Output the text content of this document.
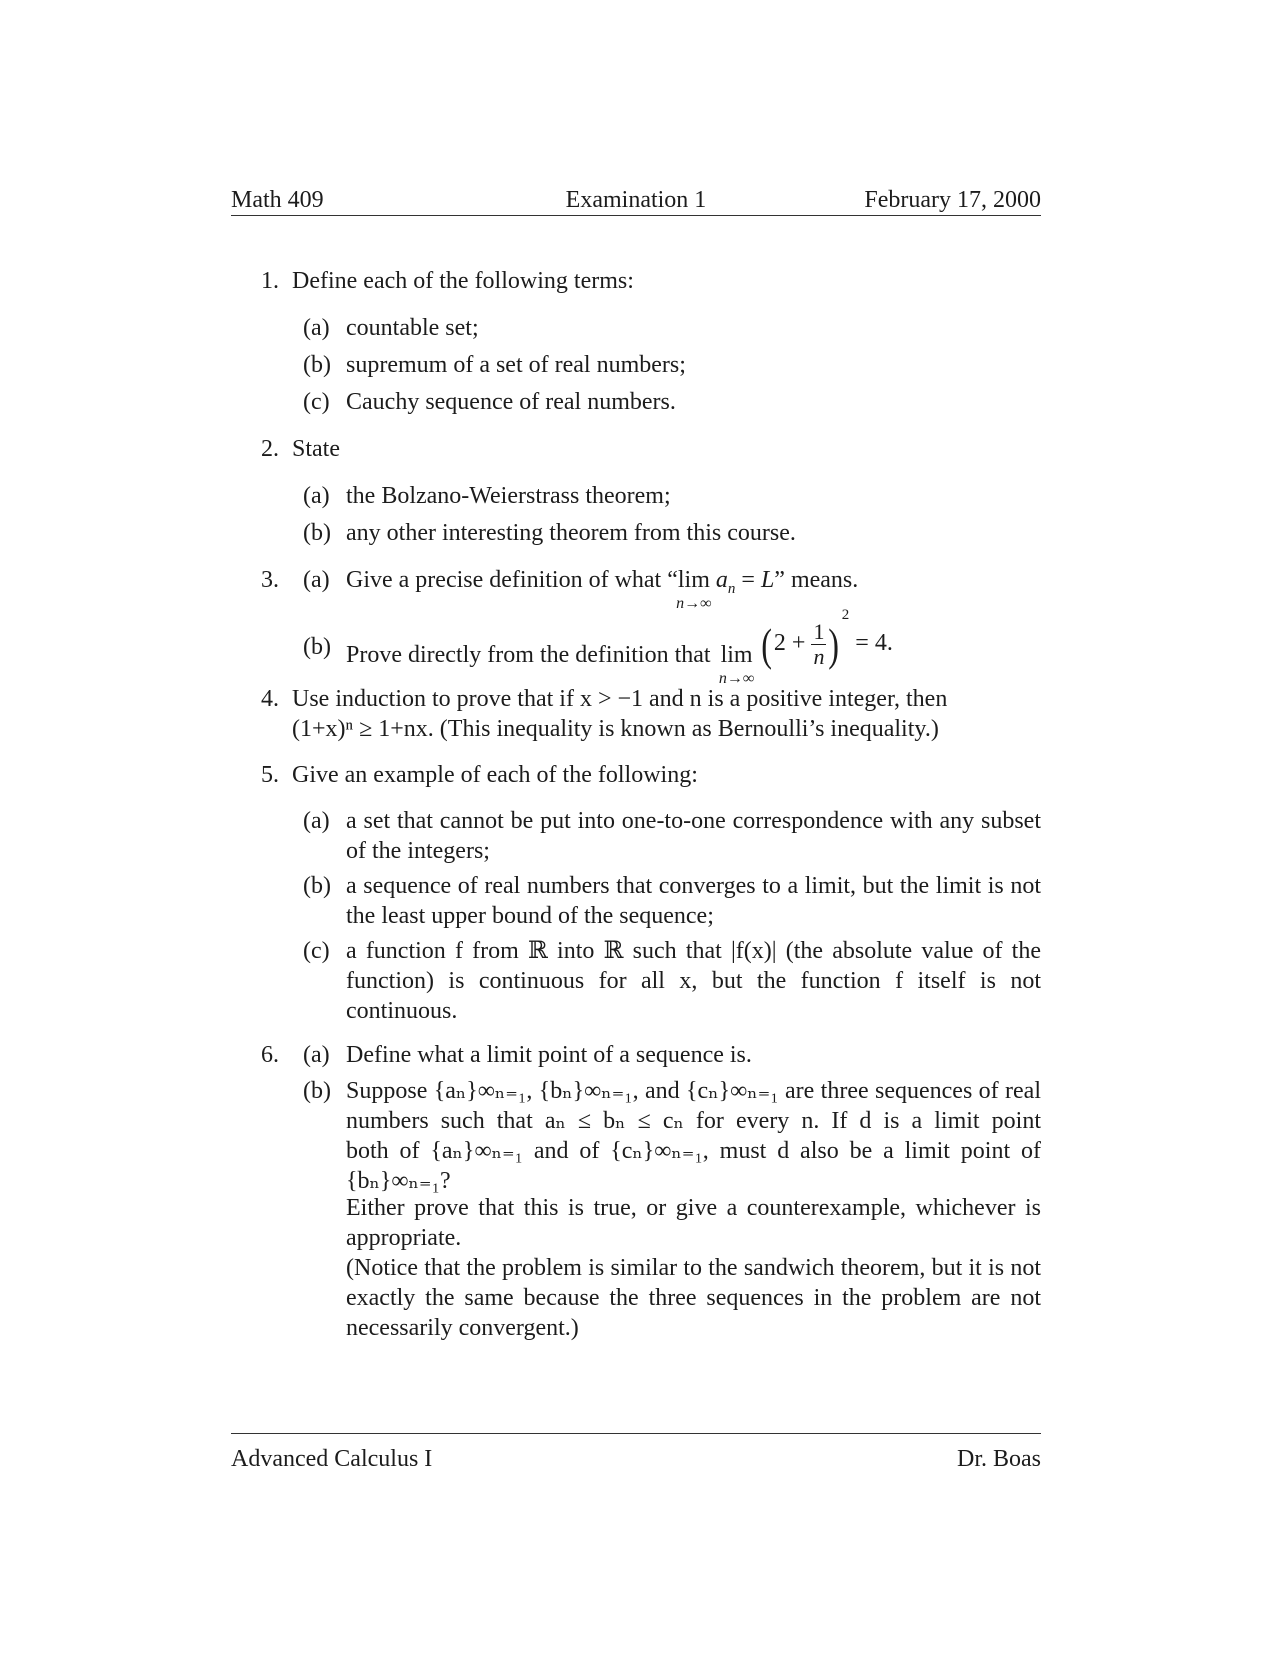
Math 409	Examination 1	February 17, 2000
1. Define each of the following terms:
(a) countable set;
(b) supremum of a set of real numbers;
(c) Cauchy sequence of real numbers.
2. State
(a) the Bolzano-Weierstrass theorem;
(b) any other interesting theorem from this course.
3.	(a) Give a precise definition of what “lim
n→∞
$a_n = L$” means.
(b) Prove directly from the definition that lim
n→∞
$(2 + \frac{1}{n} )^2 = 4$.
4. Use induction to prove that if x > −1 and n is a positive integer, then
(1+x)ⁿ ≥ 1+nx. (This inequality is known as Bernoulli’s inequality.)
5. Give an example of each of the following:
(a) a set that cannot be put into one-to-one correspondence with any subset of the integers;
(b) a sequence of real numbers that converges to a limit, but the limit is not the least upper bound of the sequence;
(c) a function f from ℝ into ℝ such that |f(x)| (the absolute value of the function) is continuous for all x, but the function f itself is not continuous.
6.	(a) Define what a limit point of a sequence is.
(b) Suppose {aₙ}∞ₙ₌₁, {bₙ}∞ₙ₌₁, and {cₙ}∞ₙ₌₁ are three sequences of real
numbers such that aₙ ≤ bₙ ≤ cₙ for every n. If d is a limit point
both of {aₙ}∞ₙ₌₁ and of {cₙ}∞ₙ₌₁, must d also be a limit point of
{bₙ}∞ₙ₌₁?
Either prove that this is true, or give a counterexample, whichever is appropriate.
(Notice that the problem is similar to the sandwich theorem, but it is not exactly the same because the three sequences in the problem are not necessarily convergent.)
Advanced Calculus I	Dr. Boas
